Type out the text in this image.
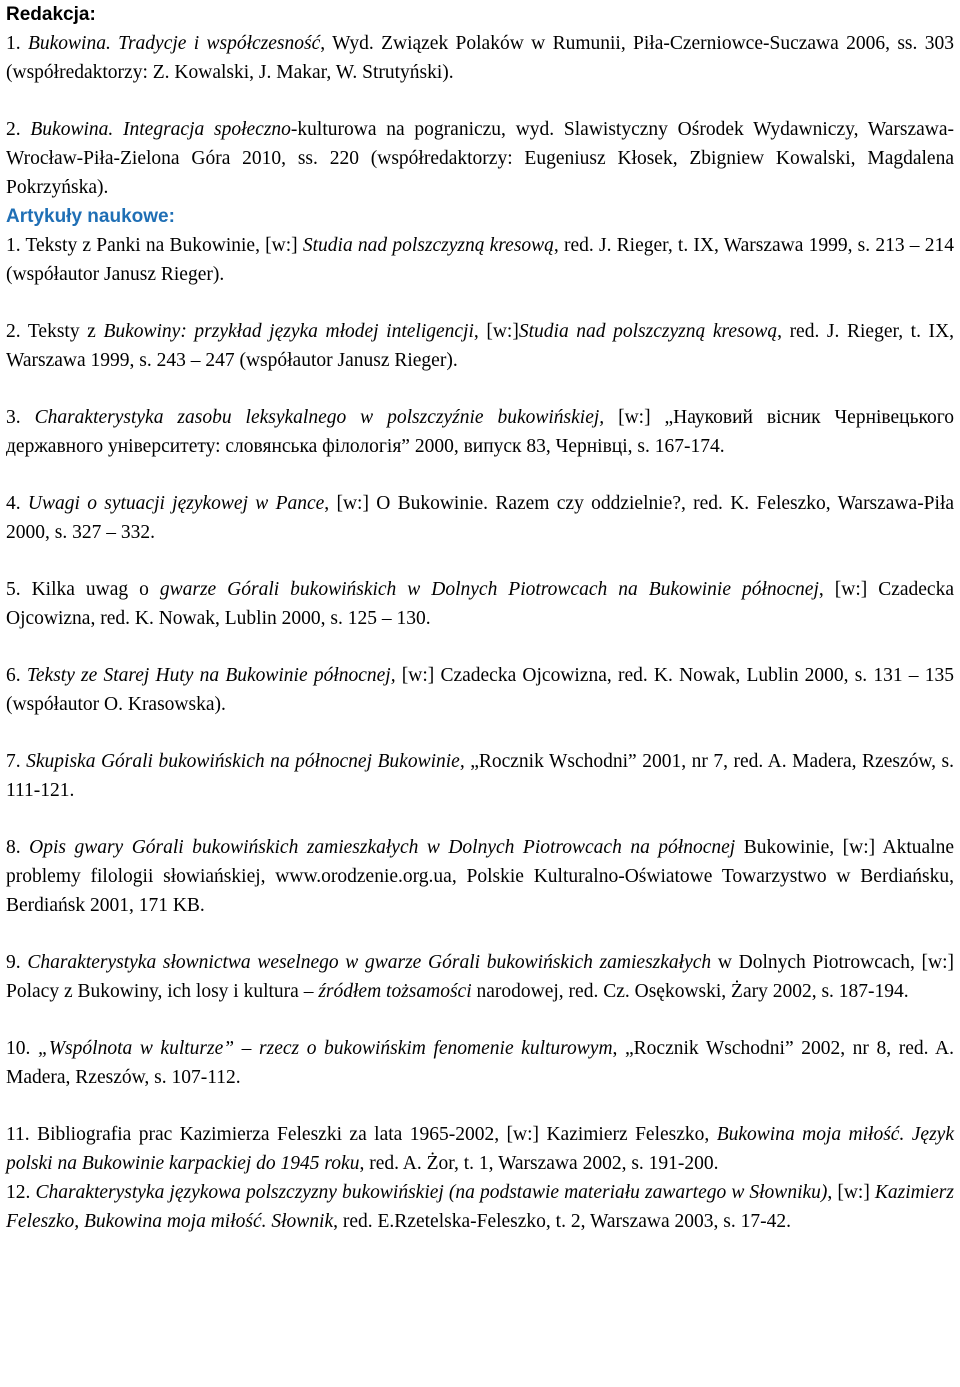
Redakcja:

1. Bukowina. Tradycje i współczesność, Wyd. Związek Polaków w Rumunii, Piła-Czerniowce-Suczawa 2006, ss. 303 (współredaktorzy: Z. Kowalski, J. Makar, W. Strutyński).

2. Bukowina. Integracja społeczno-kulturowa na pograniczu, wyd. Slawistyczny Ośrodek Wydawniczy, Warszawa-Wrocław-Piła-Zielona Góra 2010, ss. 220 (współredaktorzy: Eugeniusz Kłosek, Zbigniew Kowalski, Magdalena Pokrzyńska).

Artykuły naukowe:

1. Teksty z Panki na Bukowinie, [w:] Studia nad polszczyzną kresową, red. J. Rieger, t. IX, Warszawa 1999, s. 213 – 214 (współautor Janusz Rieger).

2. Teksty z Bukowiny: przykład języka młodej inteligencji, [w:]Studia nad polszczyzną kresową, red. J. Rieger, t. IX, Warszawa 1999, s. 243 – 247 (współautor Janusz Rieger).

3. Charakterystyka zasobu leksykalnego w polszczyźnie bukowińskiej, [w:] „Науковий вісник Чернівецького державного університету: словянська філологія” 2000, випуск 83, Чернівці, s. 167-174.

4. Uwagi o sytuacji językowej w Pance, [w:] O Bukowinie. Razem czy oddzielnie?, red. K. Feleszko, Warszawa-Piła 2000, s. 327 – 332.

5. Kilka uwag o gwarze Górali bukowińskich w Dolnych Piotrowcach na Bukowinie północnej, [w:] Czadecka Ojcowizna, red. K. Nowak, Lublin 2000, s. 125 – 130.

6. Teksty ze Starej Huty na Bukowinie północnej, [w:] Czadecka Ojcowizna, red. K. Nowak, Lublin 2000, s. 131 – 135 (współautor O. Krasowska).

7. Skupiska Górali bukowińskich na północnej Bukowinie, „Rocznik Wschodni” 2001, nr 7, red. A. Madera, Rzeszów, s. 111-121.

8. Opis gwary Górali bukowińskich zamieszkałych w Dolnych Piotrowcach na północnej Bukowinie, [w:] Aktualne problemy filologii słowiańskiej, www.orodzenie.org.ua, Polskie Kulturalno-Oświatowe Towarzystwo w Berdiańsku, Berdiańsk 2001, 171 KB.

9. Charakterystyka słownictwa weselnego w gwarze Górali bukowińskich zamieszkałych w Dolnych Piotrowcach, [w:] Polacy z Bukowiny, ich losy i kultura – źródłem tożsamości narodowej, red. Cz. Osękowski, Żary 2002, s. 187-194.

10. „Wspólnota w kulturze” – rzecz o bukowińskim fenomenie kulturowym, „Rocznik Wschodni” 2002, nr 8, red. A. Madera, Rzeszów, s. 107-112.

11. Bibliografia prac Kazimierza Feleszki za lata 1965-2002, [w:] Kazimierz Feleszko, Bukowina moja miłość. Język polski na Bukowinie karpackiej do 1945 roku, red. A. Żor, t. 1, Warszawa 2002, s. 191-200.

12. Charakterystyka językowa polszczyzny bukowińskiej (na podstawie materiału zawartego w Słowniku), [w:] Kazimierz Feleszko, Bukowina moja miłość. Słownik, red. E.Rzetelska-Feleszko, t. 2, Warszawa 2003, s. 17-42.
